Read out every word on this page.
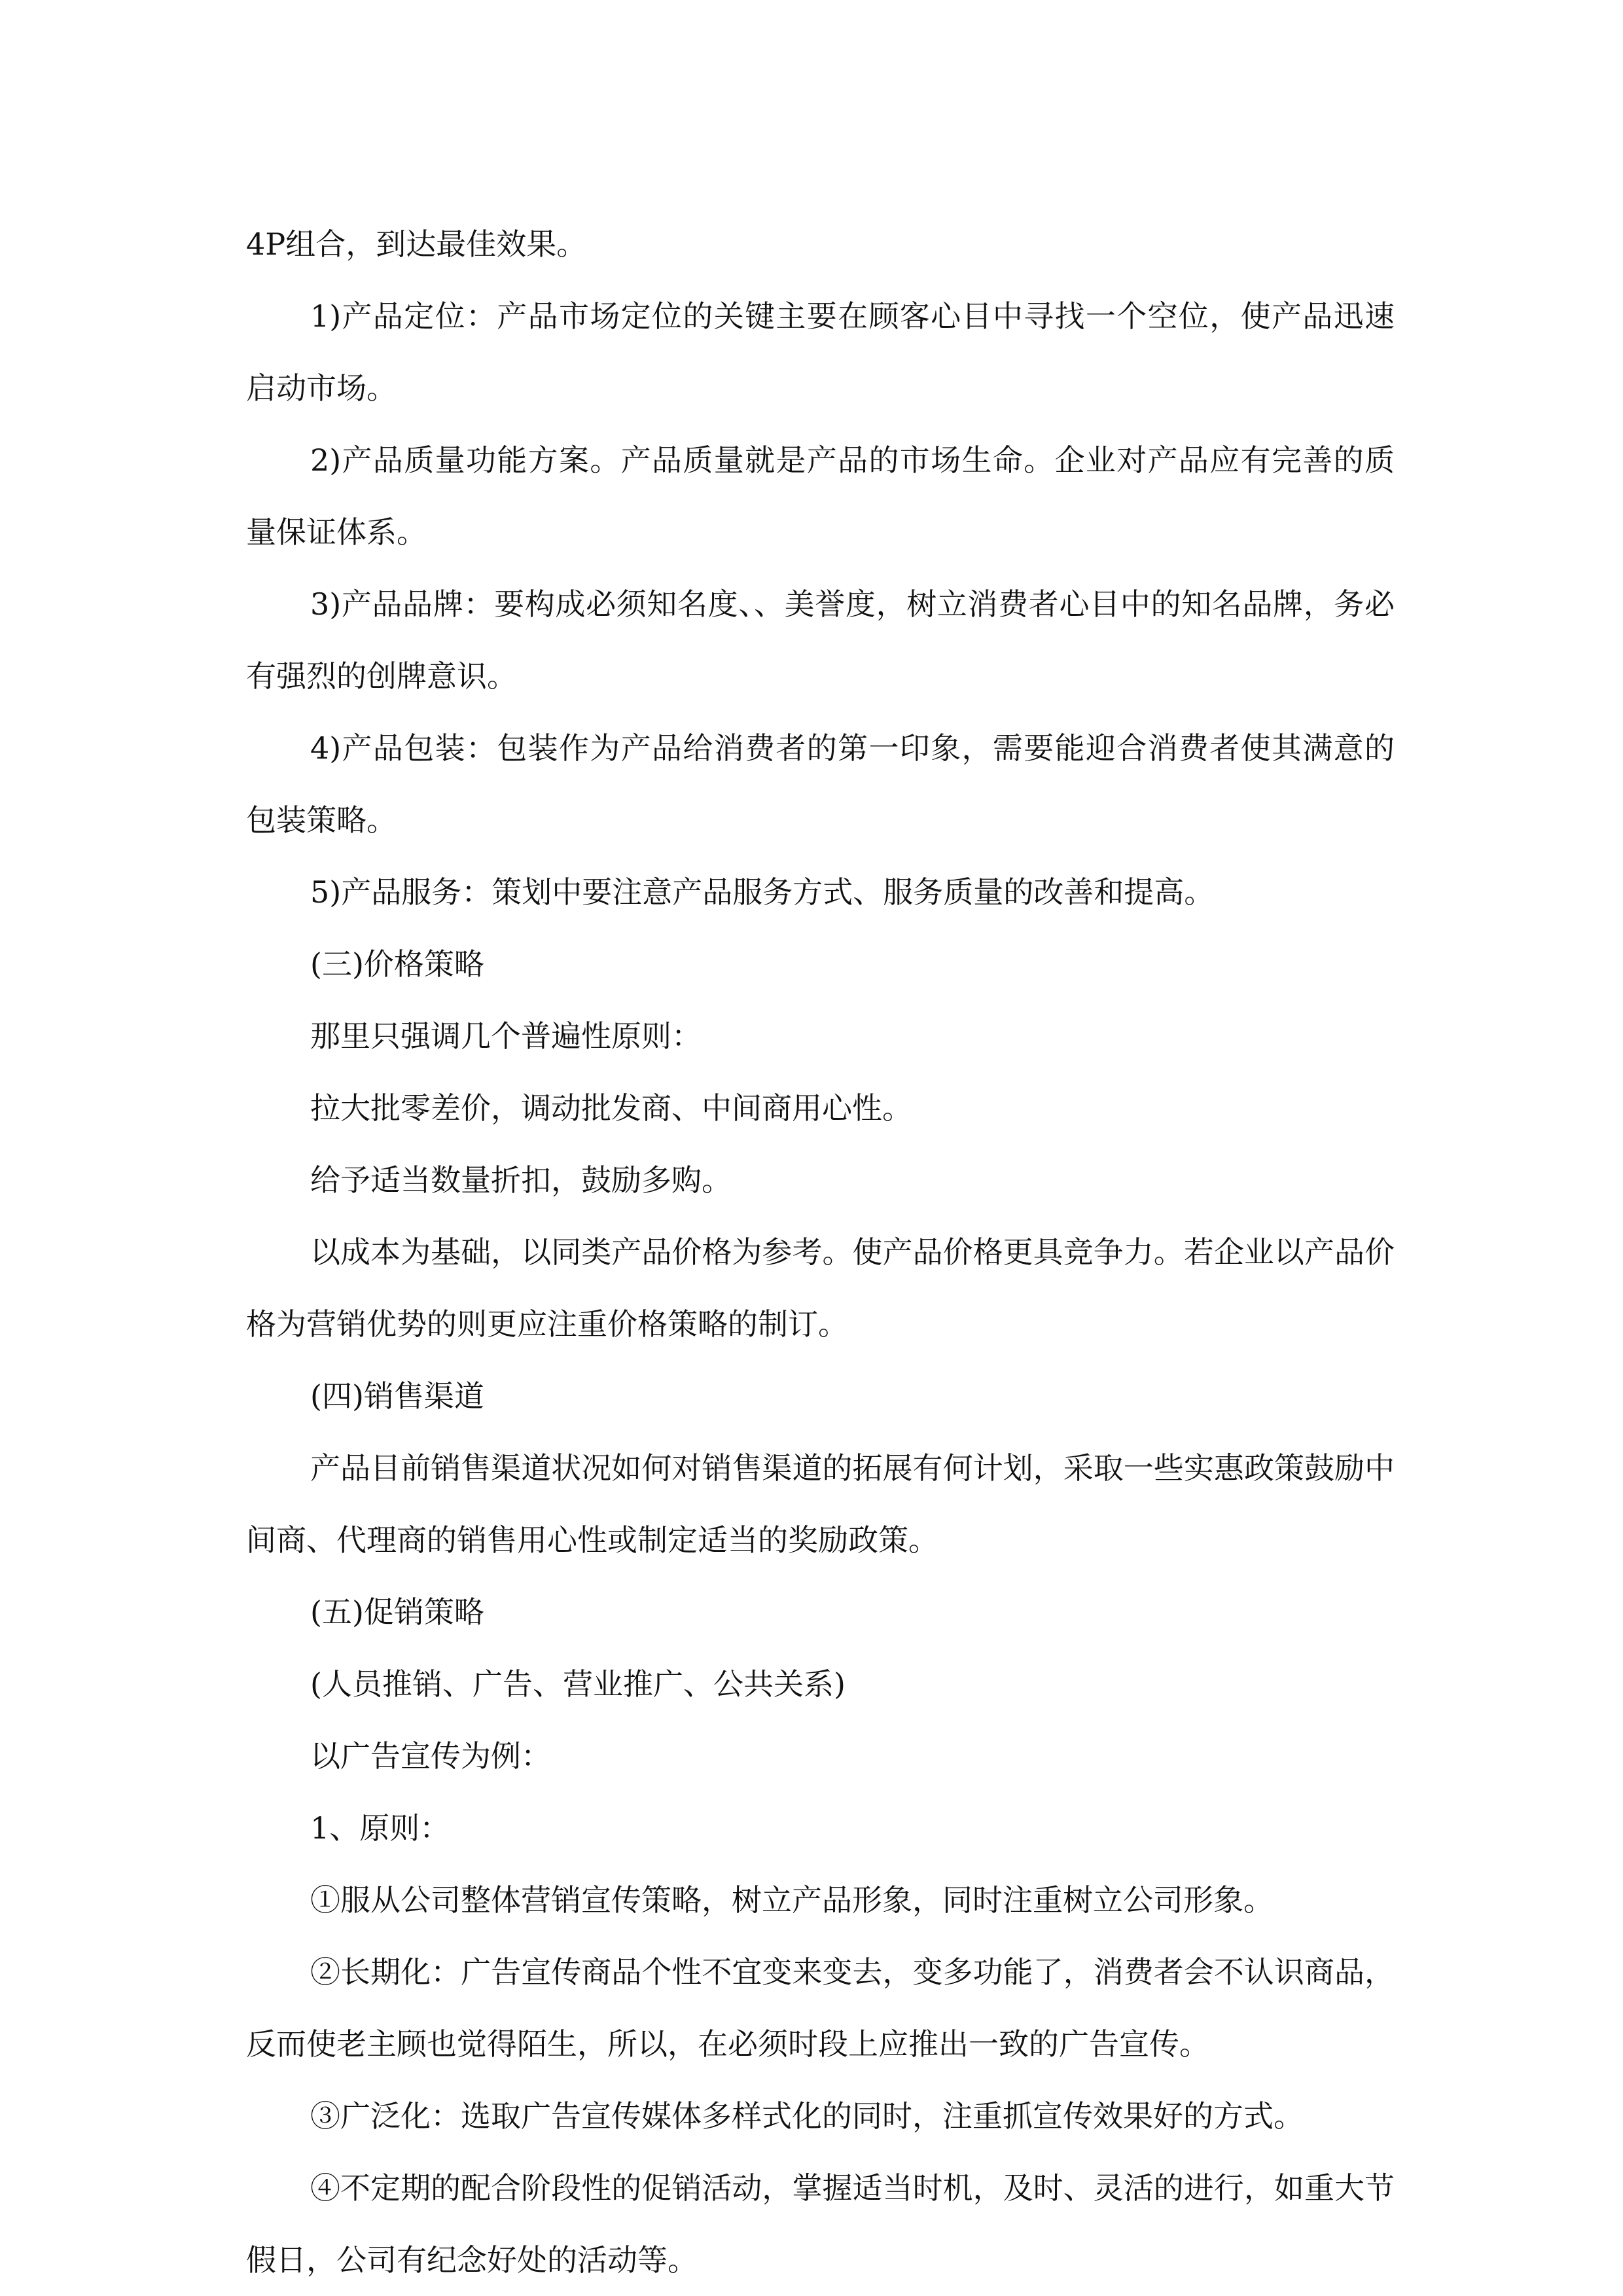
4P组合，到达最佳效果。

1)产品定位：产品市场定位的关键主要在顾客心目中寻找一个空位，使产品迅速启动市场。

2)产品质量功能方案。产品质量就是产品的市场生命。企业对产品应有完善的质量保证体系。

3)产品品牌：要构成必须知名度、、美誉度，树立消费者心目中的知名品牌，务必有强烈的创牌意识。

4)产品包装：包装作为产品给消费者的第一印象，需要能迎合消费者使其满意的包装策略。

5)产品服务：策划中要注意产品服务方式、服务质量的改善和提高。

(三)价格策略

那里只强调几个普遍性原则：

拉大批零差价，调动批发商、中间商用心性。

给予适当数量折扣，鼓励多购。

以成本为基础，以同类产品价格为参考。使产品价格更具竞争力。若企业以产品价格为营销优势的则更应注重价格策略的制订。

(四)销售渠道

产品目前销售渠道状况如何对销售渠道的拓展有何计划，采取一些实惠政策鼓励中间商、代理商的销售用心性或制定适当的奖励政策。

(五)促销策略

(人员推销、广告、营业推广、公共关系)

以广告宣传为例：

1、原则：

①服从公司整体营销宣传策略，树立产品形象，同时注重树立公司形象。

②长期化：广告宣传商品个性不宜变来变去，变多功能了，消费者会不认识商品，反而使老主顾也觉得陌生，所以，在必须时段上应推出一致的广告宣传。

③广泛化：选取广告宣传媒体多样式化的同时，注重抓宣传效果好的方式。

④不定期的配合阶段性的促销活动，掌握适当时机，及时、灵活的进行，如重大节假日，公司有纪念好处的活动等。
